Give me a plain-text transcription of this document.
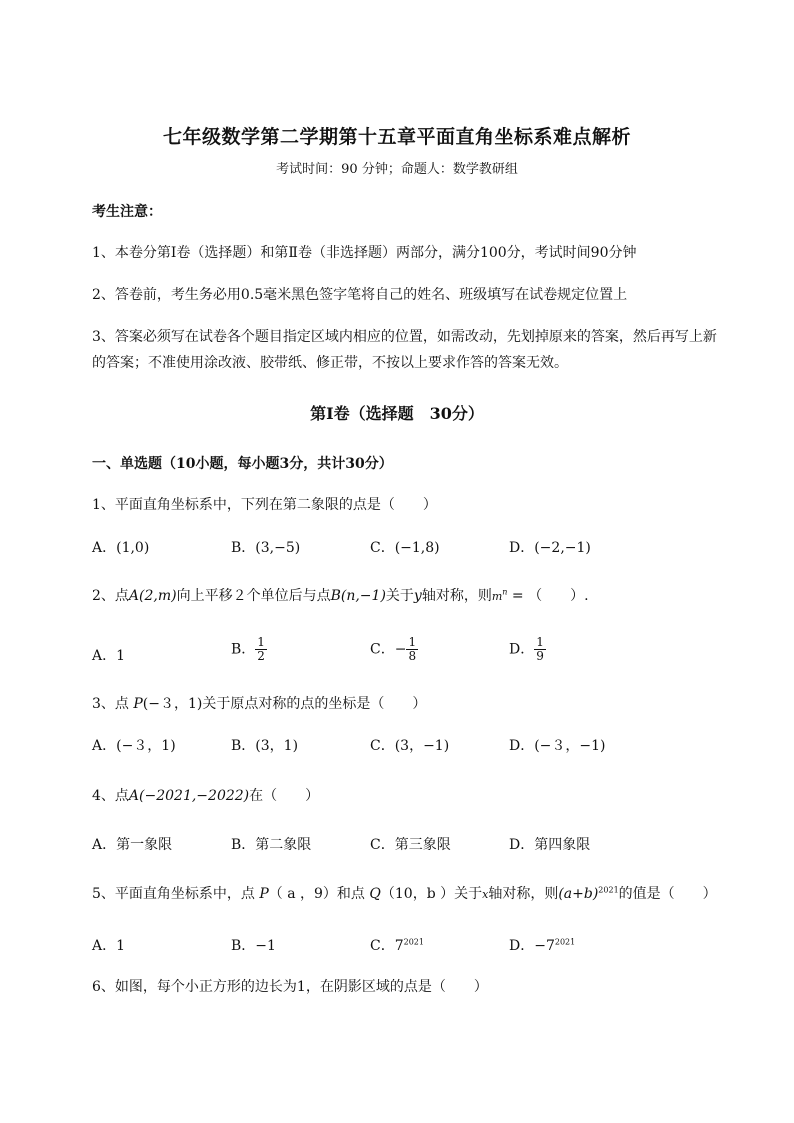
七年级数学第二学期第十五章平面直角坐标系难点解析
考试时间：90 分钟；命题人：数学教研组
考生注意：
1、本卷分第Ⅰ卷（选择题）和第Ⅱ卷（非选择题）两部分，满分100分，考试时间90分钟
2、答卷前，考生务必用0.5毫米黑色签字笔将自己的姓名、班级填写在试卷规定位置上
3、答案必须写在试卷各个题目指定区域内相应的位置，如需改动，先划掉原来的答案，然后再写上新
的答案；不准使用涂改液、胶带纸、修正带，不按以上要求作答的答案无效。
第Ⅰ卷（选择题　30分）
一、单选题（10小题，每小题3分，共计30分）
1、平面直角坐标系中，下列在第二象限的点是（　　）
A．(1,0)	B．(3,−5)	C．(−1,8)	D．(−2,−1)
2、点A(2,m)向上平移２个单位后与点B(n,−1)关于y轴对称，则$m^n$ = （　　）.
A．1	B． $\frac{1}{2}$	C．− $\frac{1}{8}$	D． $\frac{1}{9}$
3、点 P(−３，1)关于原点对称的点的坐标是（　　）
A．(−３，1)	B．(3，1)	C．(3，−1)	D．(−３，−1)
4、点A(−2021,−2022)在（　　）
A．第一象限	B．第二象限	C．第三象限	D．第四象限
5、平面直角坐标系中，点 P（ a ，9）和点 Q（10，b ）关于x轴对称，则$(a+b)^{2021}$的值是（　　）
A．1	B．−1	C．$7^{2021}$	D．$-7^{2021}$
6、如图，每个小正方形的边长为1，在阴影区域的点是（　　）
